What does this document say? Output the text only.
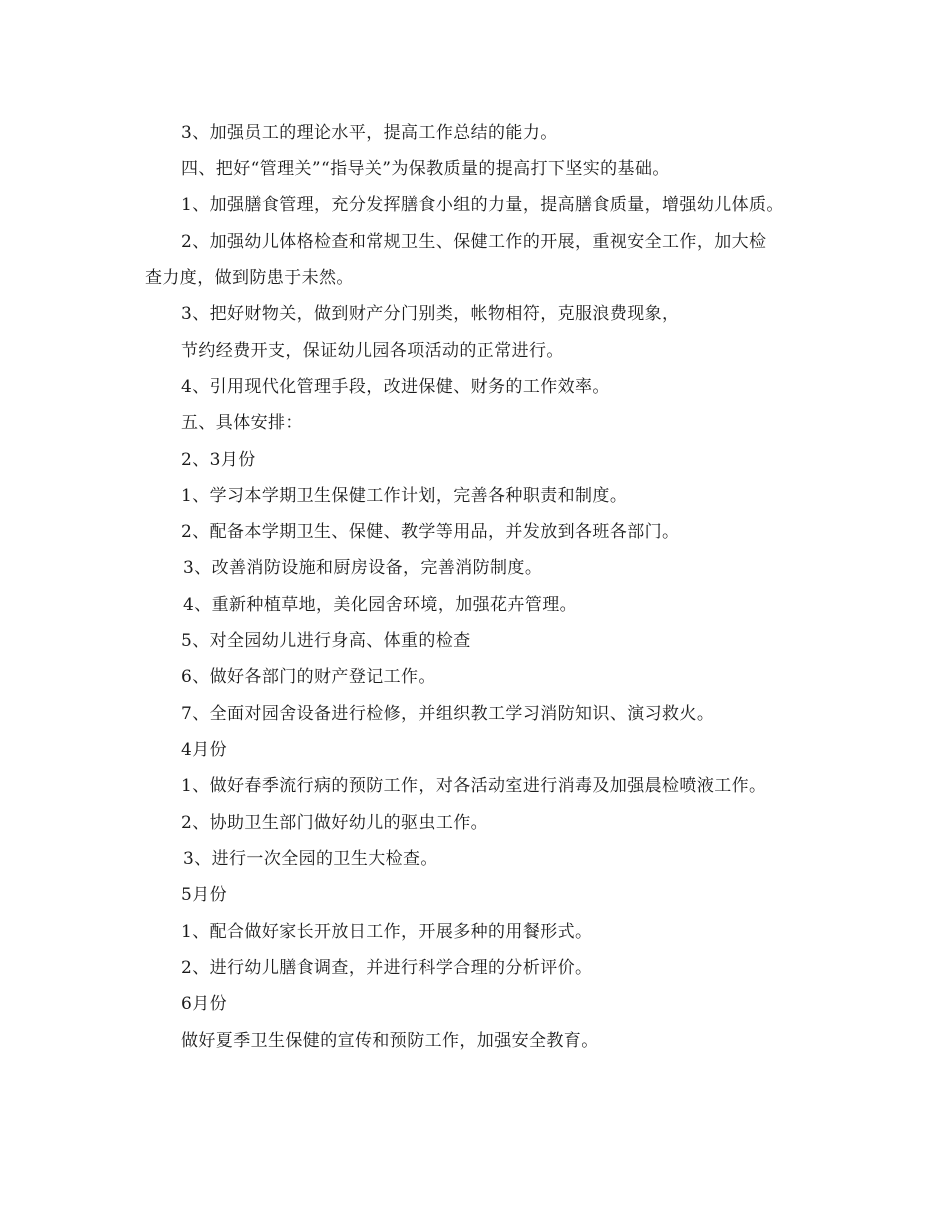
3、加强员工的理论水平，提高工作总结的能力。
四、把好“管理关”“指导关”为保教质量的提高打下坚实的基础。
1、加强膳食管理，充分发挥膳食小组的力量，提高膳食质量，增强幼儿体质。
2、加强幼儿体格检查和常规卫生、保健工作的开展，重视安全工作，加大检
查力度，做到防患于未然。
3、把好财物关，做到财产分门别类，帐物相符，克服浪费现象，
节约经费开支，保证幼儿园各项活动的正常进行。
4、引用现代化管理手段，改进保健、财务的工作效率。
五、具体安排：
2、3月份
1、学习本学期卫生保健工作计划，完善各种职责和制度。
2、配备本学期卫生、保健、教学等用品，并发放到各班各部门。
3、改善消防设施和厨房设备，完善消防制度。
4、重新种植草地，美化园舍环境，加强花卉管理。
5、对全园幼儿进行身高、体重的检查
6、做好各部门的财产登记工作。
7、全面对园舍设备进行检修，并组织教工学习消防知识、演习救火。
4月份
1、做好春季流行病的预防工作，对各活动室进行消毒及加强晨检喷液工作。
2、协助卫生部门做好幼儿的驱虫工作。
3、进行一次全园的卫生大检查。
5月份
1、配合做好家长开放日工作，开展多种的用餐形式。
2、进行幼儿膳食调查，并进行科学合理的分析评价。
6月份
做好夏季卫生保健的宣传和预防工作，加强安全教育。
